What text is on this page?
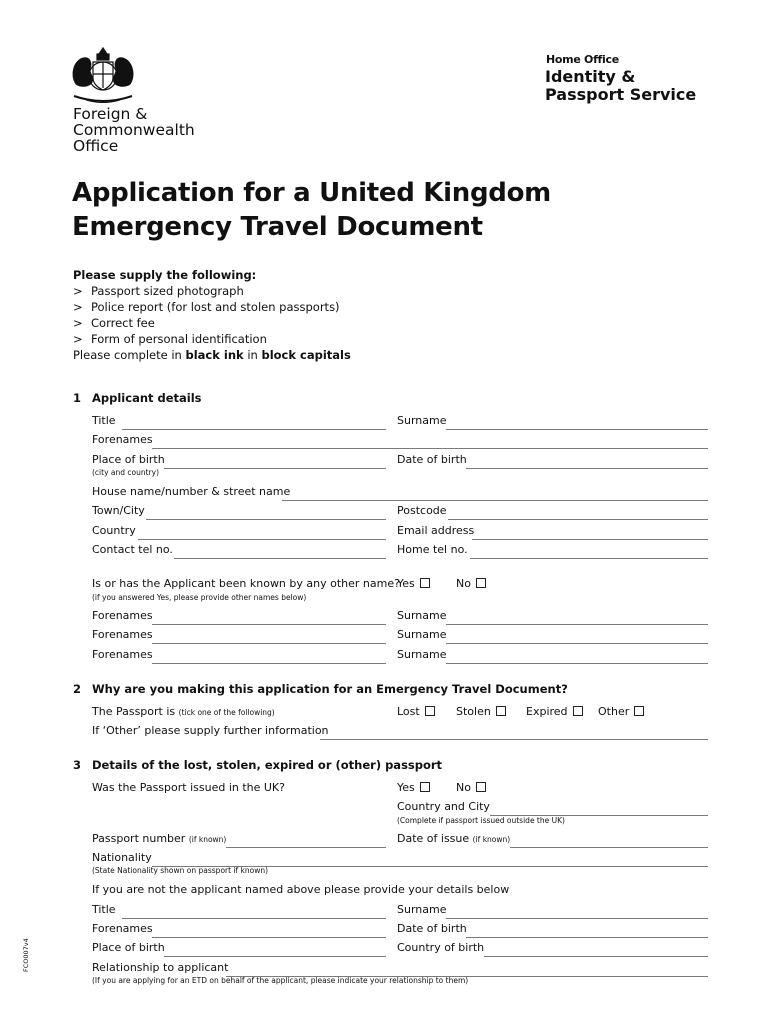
Foreign &
Commonwealth
Office
Home Office
Identity &
Passport Service
Application for a United Kingdom
Emergency Travel Document
Please supply the following:
> Passport sized photograph
> Police report (for lost and stolen passports)
> Correct fee
> Form of personal identification
Please complete in black ink in block capitals
1 Applicant details
Title	Surname
Forenames
Place of birth	Date of birth
(city and country)
House name/number & street name
Town/City	Postcode
Country	Email address
Contact tel no.	Home tel no.
Is or has the Applicant been known by any other name?
Yes	No
(if you answered Yes, please provide other names below)
Forenames	Surname
Forenames	Surname
Forenames	Surname
2 Why are you making this application for an Emergency Travel Document?
The Passport is (tick one of the following)	Lost	Stolen	Expired	Other
If ‘Other’ please supply further information
3 Details of the lost, stolen, expired or (other) passport
Was the Passport issued in the UK?	Yes	No
Country and City
(Complete if passport issued outside the UK)
Passport number (if known)	Date of issue (if known)
Nationality
(State Nationality shown on passport if known)
If you are not the applicant named above please provide your details below
Title	Surname
Forenames	Date of birth
Place of birth	Country of birth
Relationship to applicant
(If you are applying for an ETD on behalf of the applicant, please indicate your relationship to them)
FCO007v4
